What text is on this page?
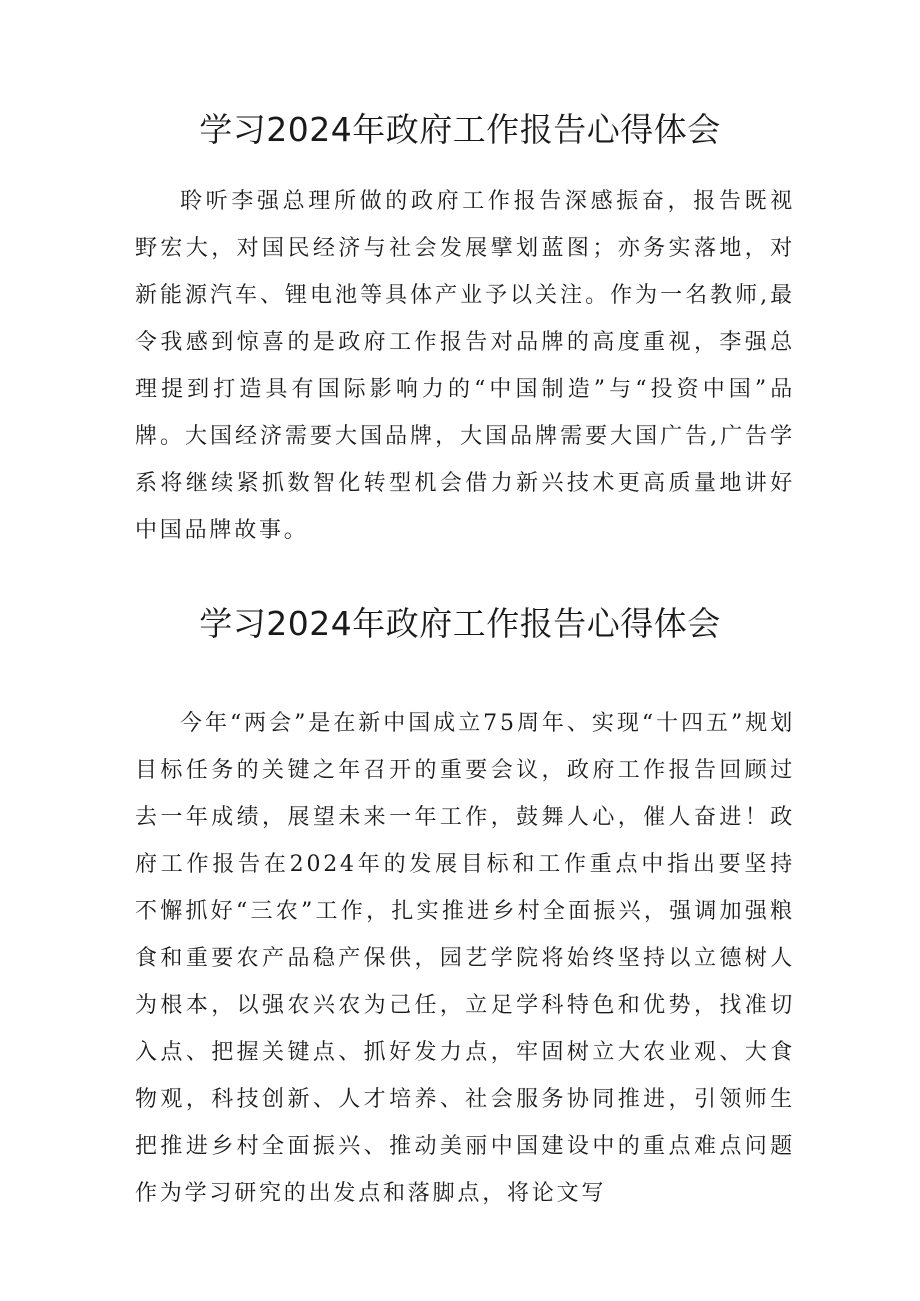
学习2024年政府工作报告心得体会

聆听李强总理所做的政府工作报告深感振奋，报告既视野宏大，对国民经济与社会发展擘划蓝图；亦务实落地，对新能源汽车、锂电池等具体产业予以关注。作为一名教师,最令我感到惊喜的是政府工作报告对品牌的高度重视，李强总理提到打造具有国际影响力的“中国制造”与“投资中国”品牌。大国经济需要大国品牌，大国品牌需要大国广告,广告学系将继续紧抓数智化转型机会借力新兴技术更高质量地讲好中国品牌故事。

学习2024年政府工作报告心得体会

今年“两会”是在新中国成立75周年、实现“十四五”规划目标任务的关键之年召开的重要会议，政府工作报告回顾过去一年成绩，展望未来一年工作，鼓舞人心，催人奋进！政府工作报告在2024年的发展目标和工作重点中指出要坚持不懈抓好“三农”工作，扎实推进乡村全面振兴，强调加强粮食和重要农产品稳产保供，园艺学院将始终坚持以立德树人为根本，以强农兴农为己任，立足学科特色和优势，找准切入点、把握关键点、抓好发力点，牢固树立大农业观、大食物观，科技创新、人才培养、社会服务协同推进，引领师生把推进乡村全面振兴、推动美丽中国建设中的重点难点问题作为学习研究的出发点和落脚点，将论文写
